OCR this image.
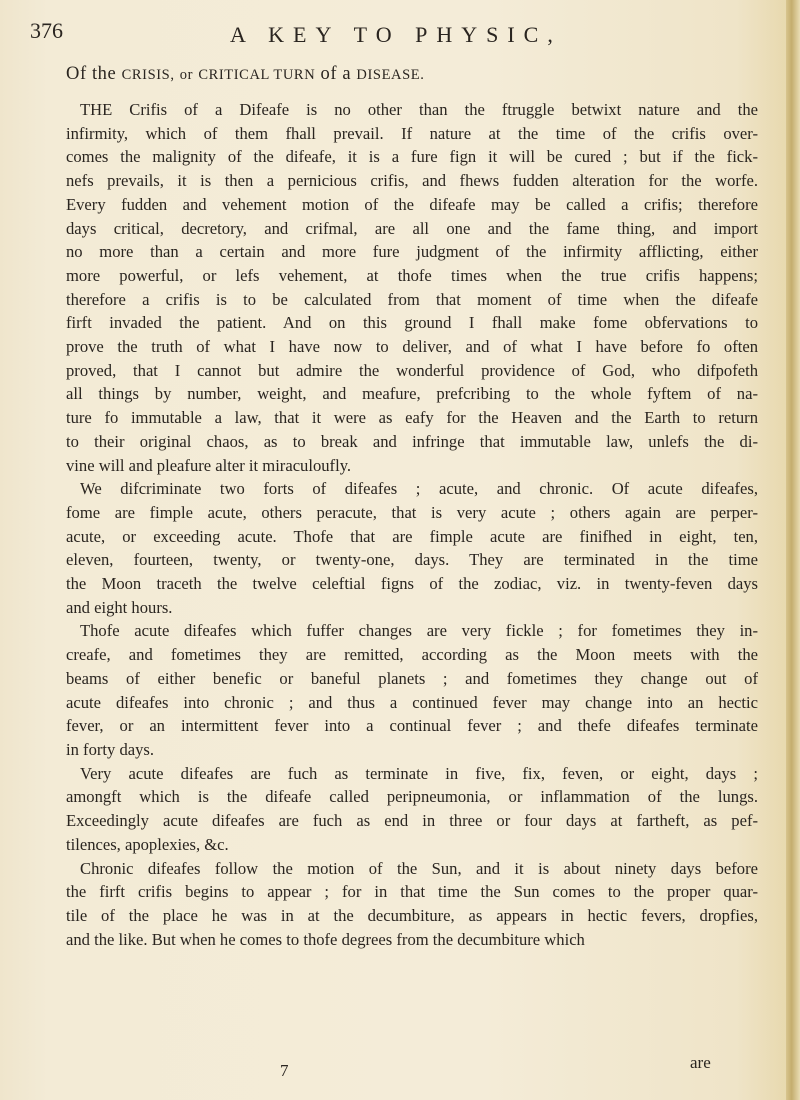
376	A KEY TO PHYSIC,
Of the CRISIS, or CRITICAL TURN of a DISEASE.
THE Crifis of a Difeafe is no other than the ftruggle betwixt nature and the
infirmity, which of them fhall prevail. If nature at the time of the crifis over-
comes the malignity of the difeafe, it is a fure fign it will be cured ; but if the fick-
nefs prevails, it is then a pernicious crifis, and fhews fudden alteration for the worfe.
Every fudden and vehement motion of the difeafe may be called a crifis; therefore
days critical, decretory, and crifmal, are all one and the fame thing, and import
no more than a certain and more fure judgment of the infirmity afflicting, either
more powerful, or lefs vehement, at thofe times when the true crifis happens;
therefore a crifis is to be calculated from that moment of time when the difeafe
firft invaded the patient. And on this ground I fhall make fome obfervations to
prove the truth of what I have now to deliver, and of what I have before fo often
proved, that I cannot but admire the wonderful providence of God, who difpofeth
all things by number, weight, and meafure, prefcribing to the whole fyftem of na-
ture fo immutable a law, that it were as eafy for the Heaven and the Earth to return
to their original chaos, as to break and infringe that immutable law, unlefs the di-
vine will and pleafure alter it miraculoufly.
We difcriminate two forts of difeafes ; acute, and chronic. Of acute difeafes,
fome are fimple acute, others peracute, that is very acute ; others again are perper-
acute, or exceeding acute. Thofe that are fimple acute are finifhed in eight, ten,
eleven, fourteen, twenty, or twenty-one, days. They are terminated in the time
the Moon traceth the twelve celeftial figns of the zodiac, viz. in twenty-feven days
and eight hours.
Thofe acute difeafes which fuffer changes are very fickle ; for fometimes they in-
creafe, and fometimes they are remitted, according as the Moon meets with the
beams of either benefic or baneful planets ; and fometimes they change out of
acute difeafes into chronic ; and thus a continued fever may change into an hectic
fever, or an intermittent fever into a continual fever ; and thefe difeafes terminate
in forty days.
Very acute difeafes are fuch as terminate in five, fix, feven, or eight, days ;
amongft which is the difeafe called peripneumonia, or inflammation of the lungs.
Exceedingly acute difeafes are fuch as end in three or four days at fartheft, as pef-
tilences, apoplexies, &c.
Chronic difeafes follow the motion of the Sun, and it is about ninety days before
the firft crifis begins to appear ; for in that time the Sun comes to the proper quar-
tile of the place he was in at the decumbiture, as appears in hectic fevers, dropfies,
and the like. But when he comes to thofe degrees from the decumbiture which
7	are
